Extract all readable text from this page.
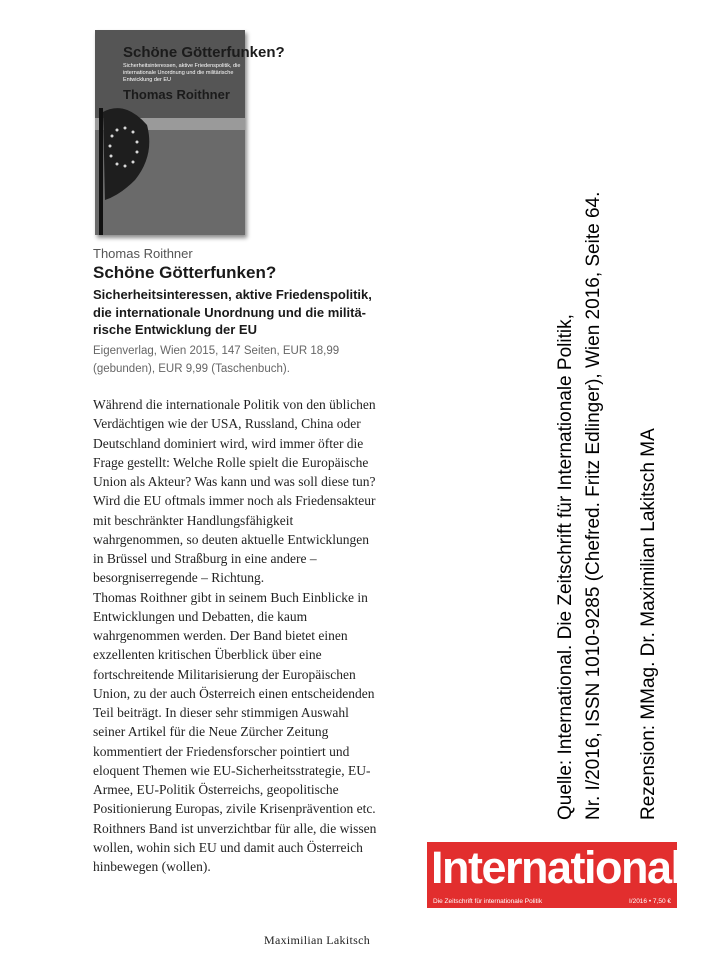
Schöne Götterfunken?
Sicherheitsinteressen, aktive Friedenspolitik, die internationale Unordnung und die militärische Entwicklung der EU
Thomas Roithner
Thomas Roithner
Schöne Götterfunken?
Sicherheitsinteressen, aktive Friedenspolitik, die internationale Unordnung und die militä-rische Entwicklung der EU
Eigenverlag, Wien 2015, 147 Seiten, EUR 18,99 (gebunden), EUR 9,99 (Taschenbuch).

Während die internationale Politik von den üblichen Verdächtigen wie der USA, Russland, China oder Deutschland dominiert wird, wird immer öfter die Frage gestellt: Welche Rolle spielt die Europäische Union als Akteur? Was kann und was soll diese tun? Wird die EU oftmals immer noch als Friedensakteur mit beschränkter Handlungsfähigkeit wahrgenommen, so deuten aktuelle Entwicklungen in Brüssel und Straßburg in eine andere – besorgniserregende – Richtung.

Thomas Roithner gibt in seinem Buch Einblicke in Entwicklungen und Debatten, die kaum wahrgenommen werden. Der Band bietet einen exzellenten kritischen Überblick über eine fortschreitende Militarisierung der Europäischen Union, zu der auch Österreich einen entscheidenden Teil beiträgt. In dieser sehr stimmigen Auswahl seiner Artikel für die Neue Zürcher Zeitung kommentiert der Friedensforscher pointiert und eloquent Themen wie EU-Sicherheitsstrategie, EU-Armee, EU-Politik Österreichs, geopolitische Positionierung Europas, zivile Krisenprävention etc. Roithners Band ist unverzichtbar für alle, die wissen wollen, wohin sich EU und damit auch Österreich hinbewegen (wollen).

Maximilian Lakitsch
Quelle: International. Die Zeitschrift für Internationale Politik, Nr. I/2016, ISSN 1010-9285 (Chefred. Fritz Edlinger), Wien 2016, Seite 64. Rezension: MMag. Dr. Maximilian Lakitsch MA
International
Die Zeitschrift für internationale Politik	I/2016 • 7,50 €
